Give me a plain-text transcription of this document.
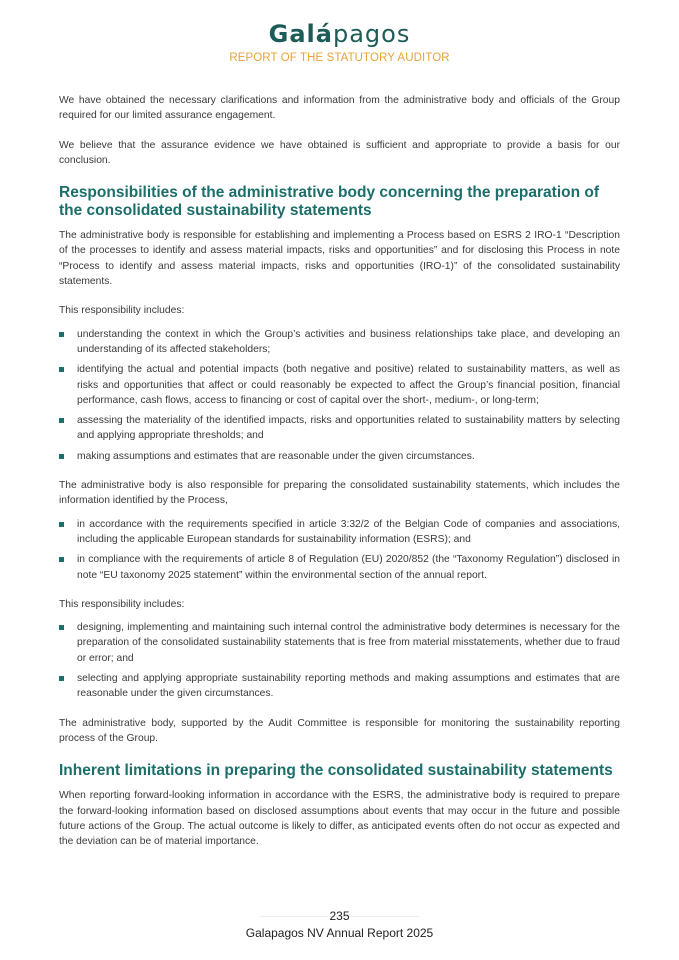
Galápagos
REPORT OF THE STATUTORY AUDITOR

We have obtained the necessary clarifications and information from the administrative body and officials of the Group required for our limited assurance engagement.

We believe that the assurance evidence we have obtained is sufficient and appropriate to provide a basis for our conclusion.

Responsibilities of the administrative body concerning the preparation of the consolidated sustainability statements

The administrative body is responsible for establishing and implementing a Process based on ESRS 2 IRO-1 “Description of the processes to identify and assess material impacts, risks and opportunities” and for disclosing this Process in note “Process to identify and assess material impacts, risks and opportunities (IRO-1)” of the consolidated sustainability statements.

This responsibility includes:

understanding the context in which the Group’s activities and business relationships take place, and developing an understanding of its affected stakeholders;
identifying the actual and potential impacts (both negative and positive) related to sustainability matters, as well as risks and opportunities that affect or could reasonably be expected to affect the Group’s financial position, financial performance, cash flows, access to financing or cost of capital over the short-, medium-, or long-term;
assessing the materiality of the identified impacts, risks and opportunities related to sustainability matters by selecting and applying appropriate thresholds; and
making assumptions and estimates that are reasonable under the given circumstances.

The administrative body is also responsible for preparing the consolidated sustainability statements, which includes the information identified by the Process,

in accordance with the requirements specified in article 3:32/2 of the Belgian Code of companies and associations, including the applicable European standards for sustainability information (ESRS); and
in compliance with the requirements of article 8 of Regulation (EU) 2020/852 (the “Taxonomy Regulation”) disclosed in note “EU taxonomy 2025 statement” within the environmental section of the annual report.

This responsibility includes:

designing, implementing and maintaining such internal control the administrative body determines is necessary for the preparation of the consolidated sustainability statements that is free from material misstatements, whether due to fraud or error; and
selecting and applying appropriate sustainability reporting methods and making assumptions and estimates that are reasonable under the given circumstances.

The administrative body, supported by the Audit Committee is responsible for monitoring the sustainability reporting process of the Group.

Inherent limitations in preparing the consolidated sustainability statements

When reporting forward-looking information in accordance with the ESRS, the administrative body is required to prepare the forward-looking information based on disclosed assumptions about events that may occur in the future and possible future actions of the Group. The actual outcome is likely to differ, as anticipated events often do not occur as expected and the deviation can be of material importance.

235
Galapagos NV Annual Report 2025
